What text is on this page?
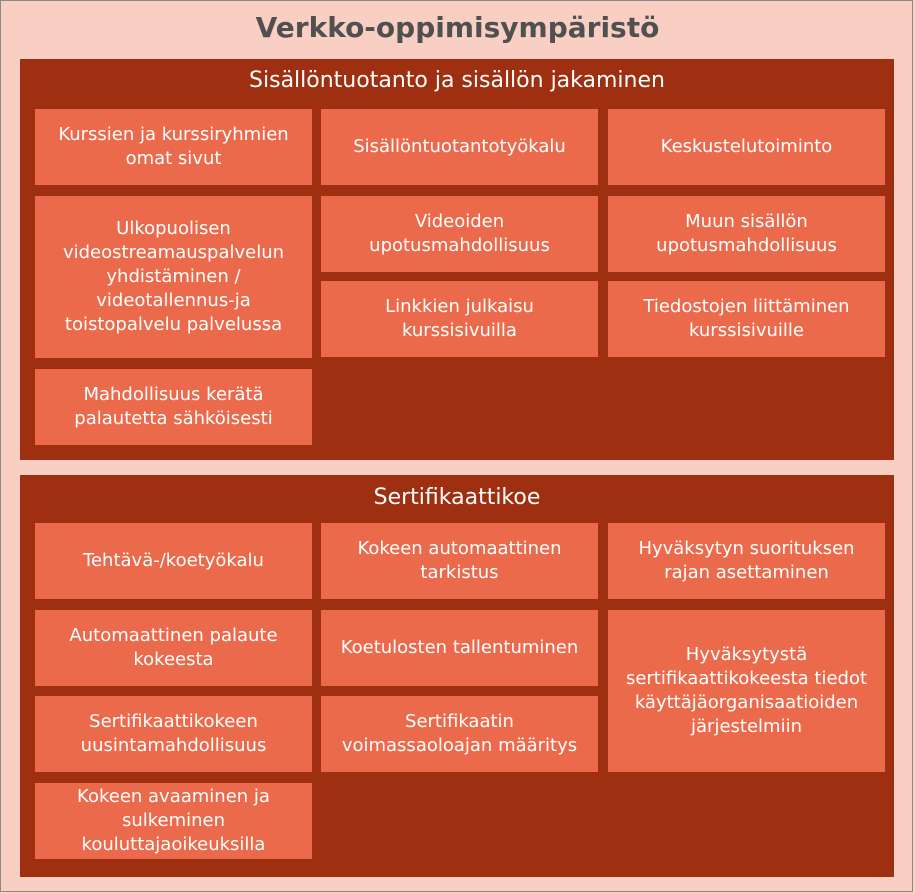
Verkko-oppimisympäristö
Sisällöntuotanto ja sisällön jakaminen
Kurssien ja kurssiryhmien omat sivut
Sisällöntuotantotyökalu	Keskustelutoiminto
Ulkopuolisen videostreamauspalvelun yhdistäminen / videotallennus-ja toistopalvelu palvelussa
Videoiden upotusmahdollisuus
Muun sisällön upotusmahdollisuus
Linkkien julkaisu kurssisivuilla
Tiedostojen liittäminen kurssisivuille
Mahdollisuus kerätä palautetta sähköisesti
Sertifikaattikoe
Tehtävä-/koetyökalu
Kokeen automaattinen tarkistus
Hyväksytyn suorituksen rajan asettaminen
Automaattinen palaute kokeesta
Koetulosten tallentuminen	Hyväksytystä sertifikaattikokeesta tiedot käyttäjäorganisaatioiden järjestelmiin
Sertifikaattikokeen uusintamahdollisuus
Sertifikaatin voimassaoloajan määritys
Kokeen avaaminen ja sulkeminen kouluttajaoikeuksilla
